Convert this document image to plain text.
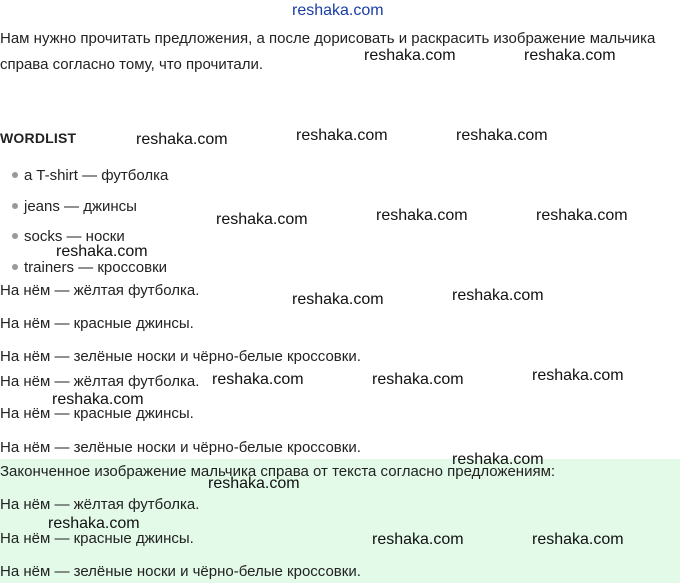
reshaka.com

Нам нужно прочитать предложения, а после дорисовать и раскрасить изображение мальчика справа согласно тому, что прочитали.

WORDLIST
a T-shirt — футболка
jeans — джинсы
socks — носки
trainers — кроссовки
На нём — жёлтая футболка.
На нём — красные джинсы.
На нём — зелёные носки и чёрно-белые кроссовки.
На нём — жёлтая футболка.
На нём — красные джинсы.
На нём — зелёные носки и чёрно-белые кроссовки.
Законченное изображение мальчика справа от текста согласно предложениям:
На нём — жёлтая футболка.
На нём — красные джинсы.
На нём — зелёные носки и чёрно-белые кроссовки.
reshaka.com	reshaka.com
reshaka.com	reshaka.com	reshaka.com
reshaka.com	reshaka.com	reshaka.com
reshaka.com
reshaka.com	reshaka.com
reshaka.com	reshaka.com	reshaka.com
reshaka.com
reshaka.com
reshaka.com
reshaka.com
reshaka.com	reshaka.com
